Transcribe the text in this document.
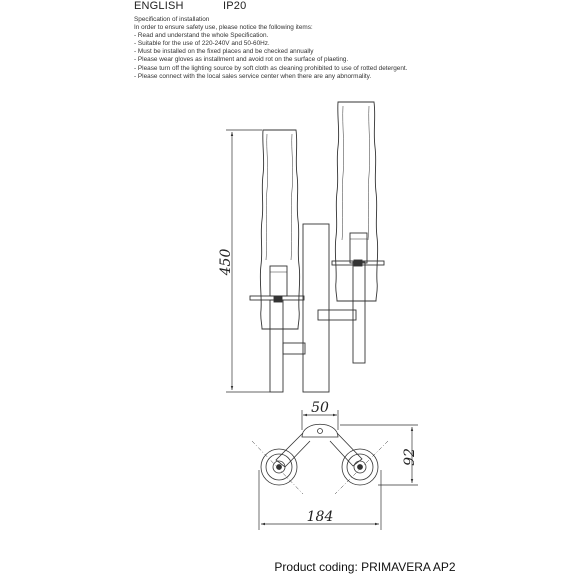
ENGLISH	IP20
Specification of installation
In order to ensure safety use, please notice the following items:
- Read and understand the whole Specification.
- Suitable for the use of 220-240V and 50-60Hz.
- Must be installed on the fixed places and be checked annually
- Please wear gloves as installment and avoid rot on the surface of plaeting.
- Please turn off the lighting source by soft cloth as cleaning prohibited to use of rotted detergent.
- Please connect with the local sales service center when there are any abnormality.
450
50
92
184
Product coding: PRIMAVERA AP2
